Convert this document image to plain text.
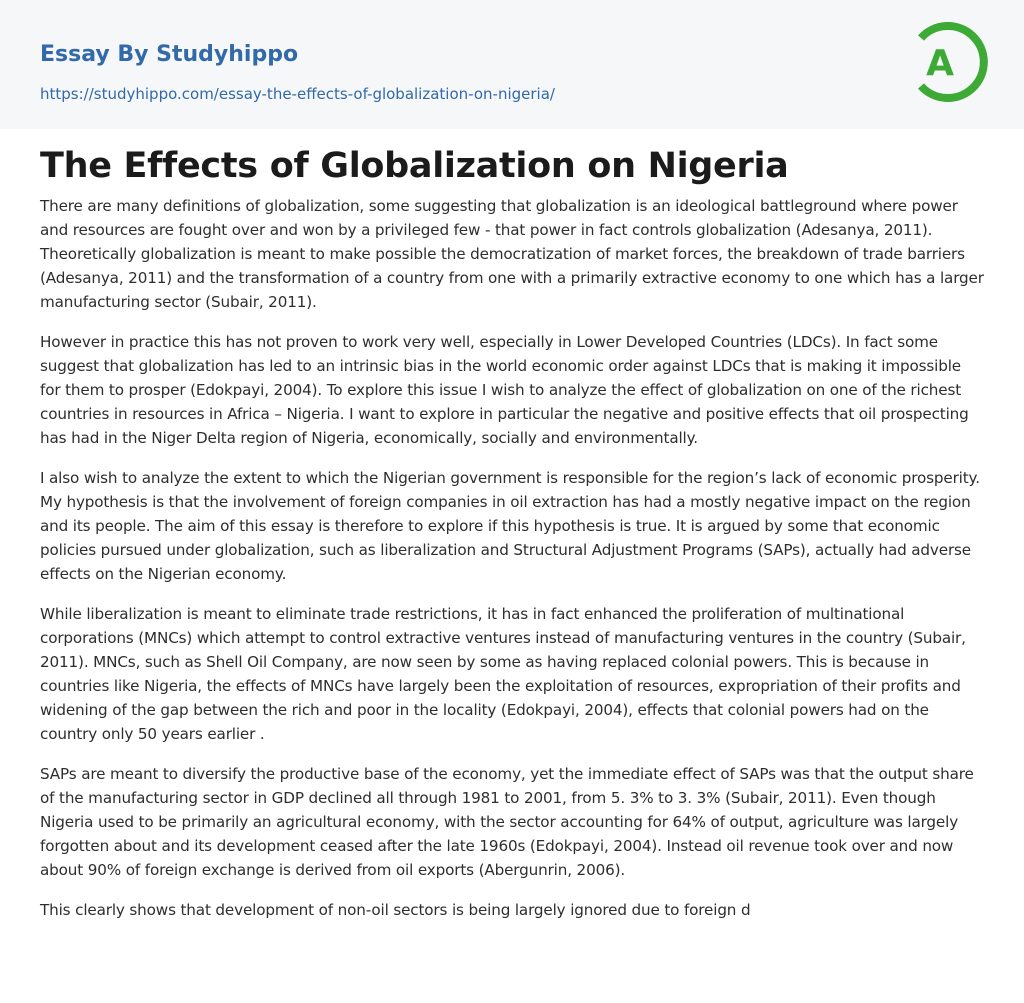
Essay By Studyhippo
https://studyhippo.com/essay-the-effects-of-globalization-on-nigeria/
A
The Effects of Globalization on Nigeria

There are many definitions of globalization, some suggesting that globalization is an ideological battleground where power and resources are fought over and won by a privileged few - that power in fact controls globalization (Adesanya, 2011). Theoretically globalization is meant to make possible the democratization of market forces, the breakdown of trade barriers (Adesanya, 2011) and the transformation of a country from one with a primarily extractive economy to one which has a larger manufacturing sector (Subair, 2011).

However in practice this has not proven to work very well, especially in Lower Developed Countries (LDCs). In fact some suggest that globalization has led to an intrinsic bias in the world economic order against LDCs that is making it impossible for them to prosper (Edokpayi, 2004). To explore this issue I wish to analyze the effect of globalization on one of the richest countries in resources in Africa – Nigeria. I want to explore in particular the negative and positive effects that oil prospecting has had in the Niger Delta region of Nigeria, economically, socially and environmentally.

I also wish to analyze the extent to which the Nigerian government is responsible for the region’s lack of economic prosperity. My hypothesis is that the involvement of foreign companies in oil extraction has had a mostly negative impact on the region and its people. The aim of this essay is therefore to explore if this hypothesis is true. It is argued by some that economic policies pursued under globalization, such as liberalization and Structural Adjustment Programs (SAPs), actually had adverse effects on the Nigerian economy.

While liberalization is meant to eliminate trade restrictions, it has in fact enhanced the proliferation of multinational corporations (MNCs) which attempt to control extractive ventures instead of manufacturing ventures in the country (Subair, 2011). MNCs, such as Shell Oil Company, are now seen by some as having replaced colonial powers. This is because in countries like Nigeria, the effects of MNCs have largely been the exploitation of resources, expropriation of their profits and widening of the gap between the rich and poor in the locality (Edokpayi, 2004), effects that colonial powers had on the country only 50 years earlier .

SAPs are meant to diversify the productive base of the economy, yet the immediate effect of SAPs was that the output share of the manufacturing sector in GDP declined all through 1981 to 2001, from 5. 3% to 3. 3% (Subair, 2011). Even though Nigeria used to be primarily an agricultural economy, with the sector accounting for 64% of output, agriculture was largely forgotten about and its development ceased after the late 1960s (Edokpayi, 2004). Instead oil revenue took over and now about 90% of foreign exchange is derived from oil exports (Abergunrin, 2006).

This clearly shows that development of non-oil sectors is being largely ignored due to foreign d
